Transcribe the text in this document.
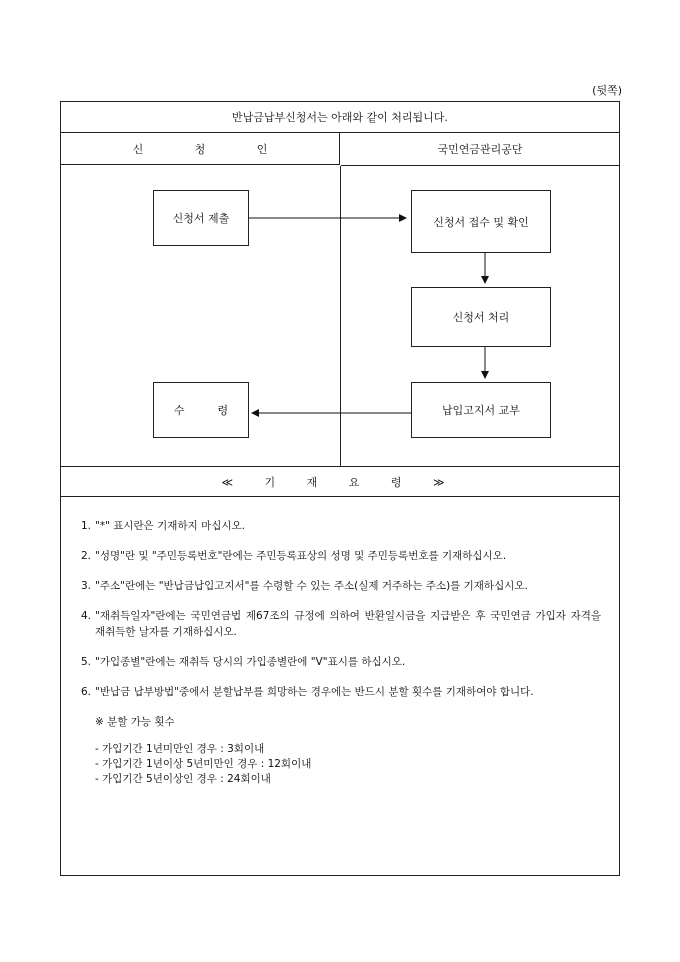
(뒷쪽)
반납금납부신청서는 아래와 같이 처리됩니다.
신 청 인	국민연금관리공단
신청서 제출	신청서 접수 및 확인
신청서 처리
납입고지서 교부
수　　　령
≪ 기 재 요 령 ≫
1. "*" 표시란은 기재하지 마십시오.
2. "성명"란 및 "주민등록번호"란에는 주민등록표상의 성명 및 주민등록번호를 기재하십시오.
3. "주소"란에는 "반납금납입고지서"를 수령할 수 있는 주소(실제 거주하는 주소)를 기재하십시오.
4. "재취득일자"란에는 국민연금법 제67조의 규정에 의하여 반환일시금을 지급받은 후 국민연금 가입자 자격을 재취득한 날자를 기재하십시오.
5. "가입종별"란에는 재취득 당시의 가입종별란에 "V"표시를 하십시오.
6. "반납금 납부방법"중에서 분할납부를 희망하는 경우에는 반드시 분할 횟수를 기재하여야 합니다.
※ 분할 가능 횟수
- 가입기간 1년미만인 경우 : 3회이내
- 가입기간 1년이상 5년미만인 경우 : 12회이내
- 가입기간 5년이상인 경우 : 24회이내
